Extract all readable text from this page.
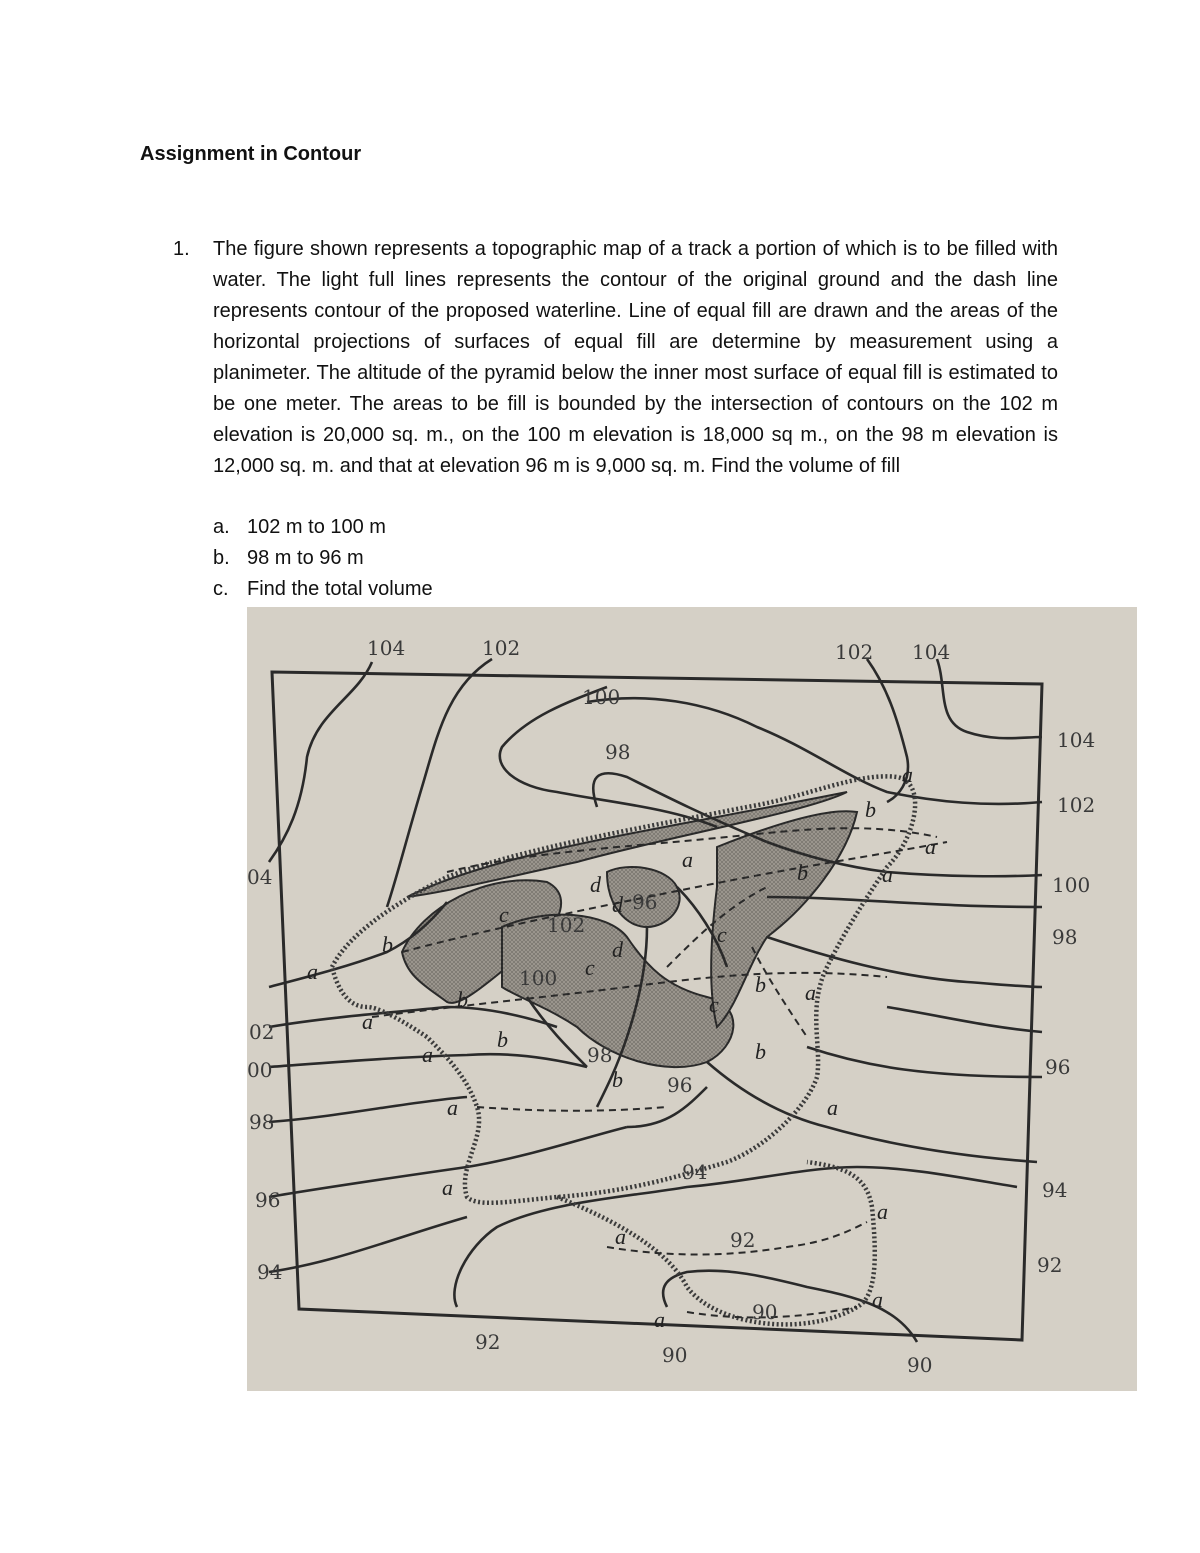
Assignment in Contour
1. The figure shown represents a topographic map of a track a portion of which is to be filled with water. The light full lines represents the contour of the original ground and the dash line represents contour of the proposed waterline. Line of equal fill are drawn and the areas of the horizontal projections of surfaces of equal fill are determine by measurement using a planimeter. The altitude of the pyramid below the inner most surface of equal fill is estimated to be one meter. The areas to be fill is bounded by the intersection of contours on the 102 m elevation is 20,000 sq. m., on the 100 m elevation is 18,000 sq m., on the 98 m elevation is 12,000 sq. m. and that at elevation 96 m is 9,000 sq. m. Find the volume of fill
a. 102 m to 100 m
b. 98 m to 96 m
c. Find the total volume
104	102
100
98
102 104
104
102
100
98
96
94
92
04
02
00
98
96
94
92
90	90
102
96
100
98
96
94
92
90
a
a
a
a
a
a
a
a
a
a
a
a
a
a
a
b
b
b
b
b
b
b
b
c
c
c
c
d
d
d
